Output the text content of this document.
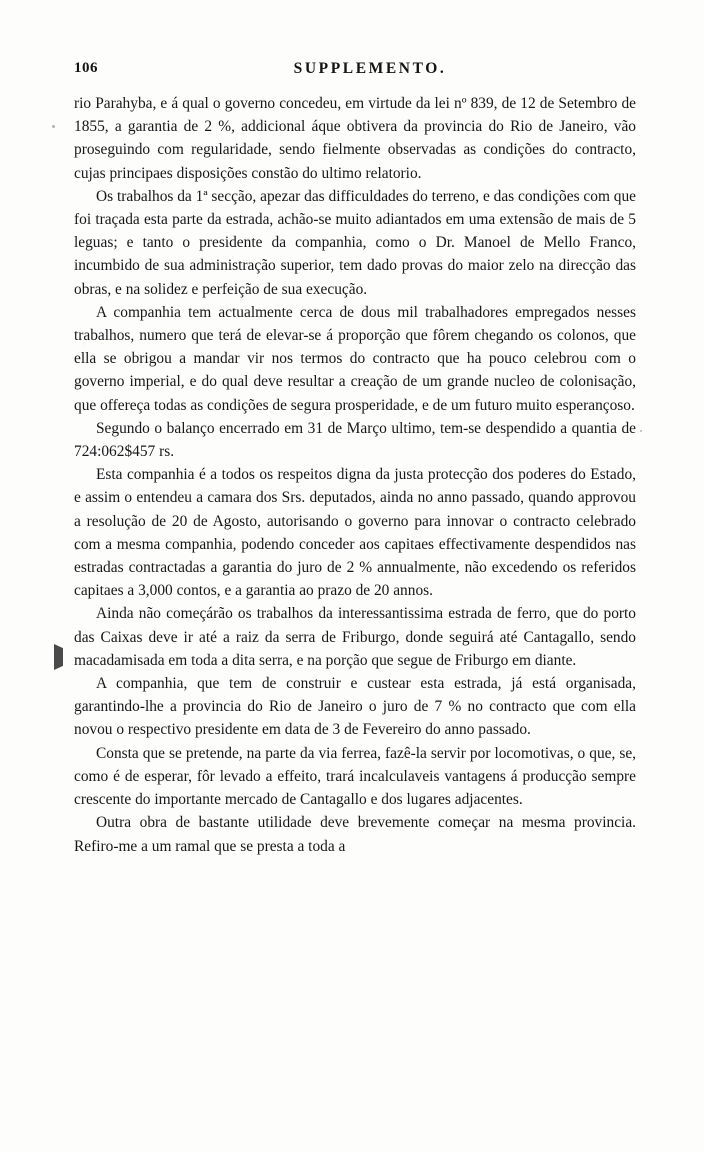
106	SUPPLEMENTO.

rio Parahyba, e á qual o governo concedeu, em virtude da lei nº 839, de 12 de Setembro de 1855, a garantia de 2 %, addicional áque obtivera da provincia do Rio de Janeiro, vão proseguindo com regularidade, sendo fielmente observadas as condições do contracto, cujas principaes disposições constão do ultimo relatorio.

Os trabalhos da 1ª secção, apezar das difficuldades do terreno, e das condições com que foi traçada esta parte da estrada, achão-se muito adiantados em uma extensão de mais de 5 leguas; e tanto o presidente da companhia, como o Dr. Manoel de Mello Franco, incumbido de sua administração superior, tem dado provas do maior zelo na direcção das obras, e na solidez e perfeição de sua execução.

A companhia tem actualmente cerca de dous mil trabalhadores empregados nesses trabalhos, numero que terá de elevar-se á proporção que fôrem chegando os colonos, que ella se obrigou a mandar vir nos termos do contracto que ha pouco celebrou com o governo imperial, e do qual deve resultar a creação de um grande nucleo de colonisação, que offereça todas as condições de segura prosperidade, e de um futuro muito esperançoso.

Segundo o balanço encerrado em 31 de Março ultimo, tem-se despendido a quantia de 724:062$457 rs.

Esta companhia é a todos os respeitos digna da justa protecção dos poderes do Estado, e assim o entendeu a camara dos Srs. deputados, ainda no anno passado, quando approvou a resolução de 20 de Agosto, autorisando o governo para innovar o contracto celebrado com a mesma companhia, podendo conceder aos capitaes effectivamente despendidos nas estradas contractadas a garantia do juro de 2 % annualmente, não excedendo os referidos capitaes a 3,000 contos, e a garantia ao prazo de 20 annos.

Ainda não começárão os trabalhos da interessantissima estrada de ferro, que do porto das Caixas deve ir até a raiz da serra de Friburgo, donde seguirá até Cantagallo, sendo macadamisada em toda a dita serra, e na porção que segue de Friburgo em diante.

A companhia, que tem de construir e custear esta estrada, já está organisada, garantindo-lhe a provincia do Rio de Janeiro o juro de 7 % no contracto que com ella novou o respectivo presidente em data de 3 de Fevereiro do anno passado.

Consta que se pretende, na parte da via ferrea, fazê-la servir por locomotivas, o que, se, como é de esperar, fôr levado a effeito, trará incalculaveis vantagens á producção sempre crescente do importante mercado de Cantagallo e dos lugares adjacentes.

Outra obra de bastante utilidade deve brevemente começar na mesma provincia. Refiro-me a um ramal que se presta a toda a
